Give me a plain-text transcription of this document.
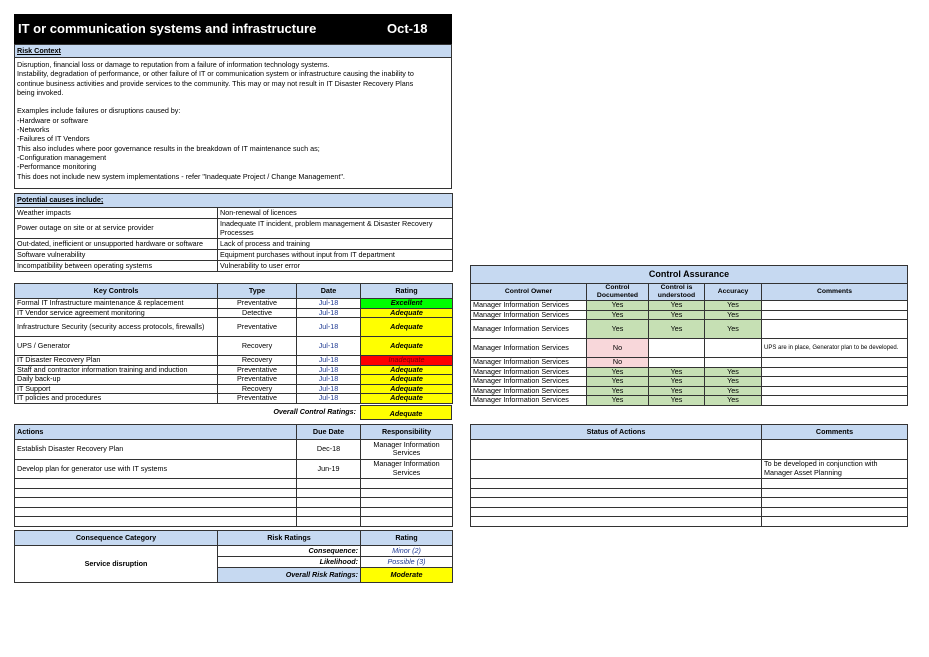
IT or communication systems and infrastructure	Oct-18
Risk Context
Disruption, financial loss or damage to reputation from a failure of information technology systems.
Instability, degradation of performance, or other failure of IT or communication system or infrastructure causing the inability to
continue business activities and provide services to the community. This may or may not result in IT Disaster Recovery Plans
being invoked.
Examples include failures or disruptions caused by:
-Hardware or software
-Networks
-Failures of IT Vendors
This also includes where poor governance results in the breakdown of IT maintenance such as;
-Configuration management
-Performance monitoring
This does not include new system implementations - refer "Inadequate Project / Change Management".
Potential causes include;	
Weather impacts	Non-renewal of licences
Power outage on site or at service provider	Inadequate IT incident, problem management & Disaster Recovery Processes
Out-dated, inefficient or unsupported hardware or software	Lack of process and training
Software vulnerability	Equipment purchases without input from IT department
Incompatibility between operating systems	Vulnerability to user error
Key Controls	Type	Date	Rating
Formal IT Infrastructure maintenance & replacement	Preventative	Jul-18	Excellent
IT Vendor service agreement monitoring	Detective	Jul-18	Adequate
Infrastructure Security (security access protocols, firewalls)	Preventative	Jul-18	Adequate
UPS / Generator	Recovery	Jul-18	Adequate
IT Disaster Recovery Plan	Recovery	Jul-18	Inadequate
Staff and contractor information training and induction	Preventative	Jul-18	Adequate
Daily back-up	Preventative	Jul-18	Adequate
IT Support	Recovery	Jul-18	Adequate
IT policies and procedures	Preventative	Jul-18	Adequate
Overall Control Ratings:	Adequate
Control Assurance				
Control Owner	Control Documented	Control is understood	Accuracy	Comments
Manager Information Services	Yes	Yes	Yes	
Manager Information Services	Yes	Yes	Yes	
Manager Information Services	Yes	Yes	Yes	
Manager Information Services	No			UPS are in place, Generator plan to be developed.
Manager Information Services	No			
Manager Information Services	Yes	Yes	Yes	
Manager Information Services	Yes	Yes	Yes	
Manager Information Services	Yes	Yes	Yes	
Manager Information Services	Yes	Yes	Yes	
Actions	Due Date	Responsibility
Establish Disaster Recovery Plan	Dec-18	Manager Information Services
Develop plan for generator use with IT systems	Jun-19	Manager Information Services

Status of Actions	Comments

	To be developed in conjunction with Manager Asset Planning

Consequence Category	Risk Ratings	Rating
Service disruption	Consequence:	Minor (2)
	Likelihood:	Possible (3)
	Overall Risk Ratings:	Moderate
